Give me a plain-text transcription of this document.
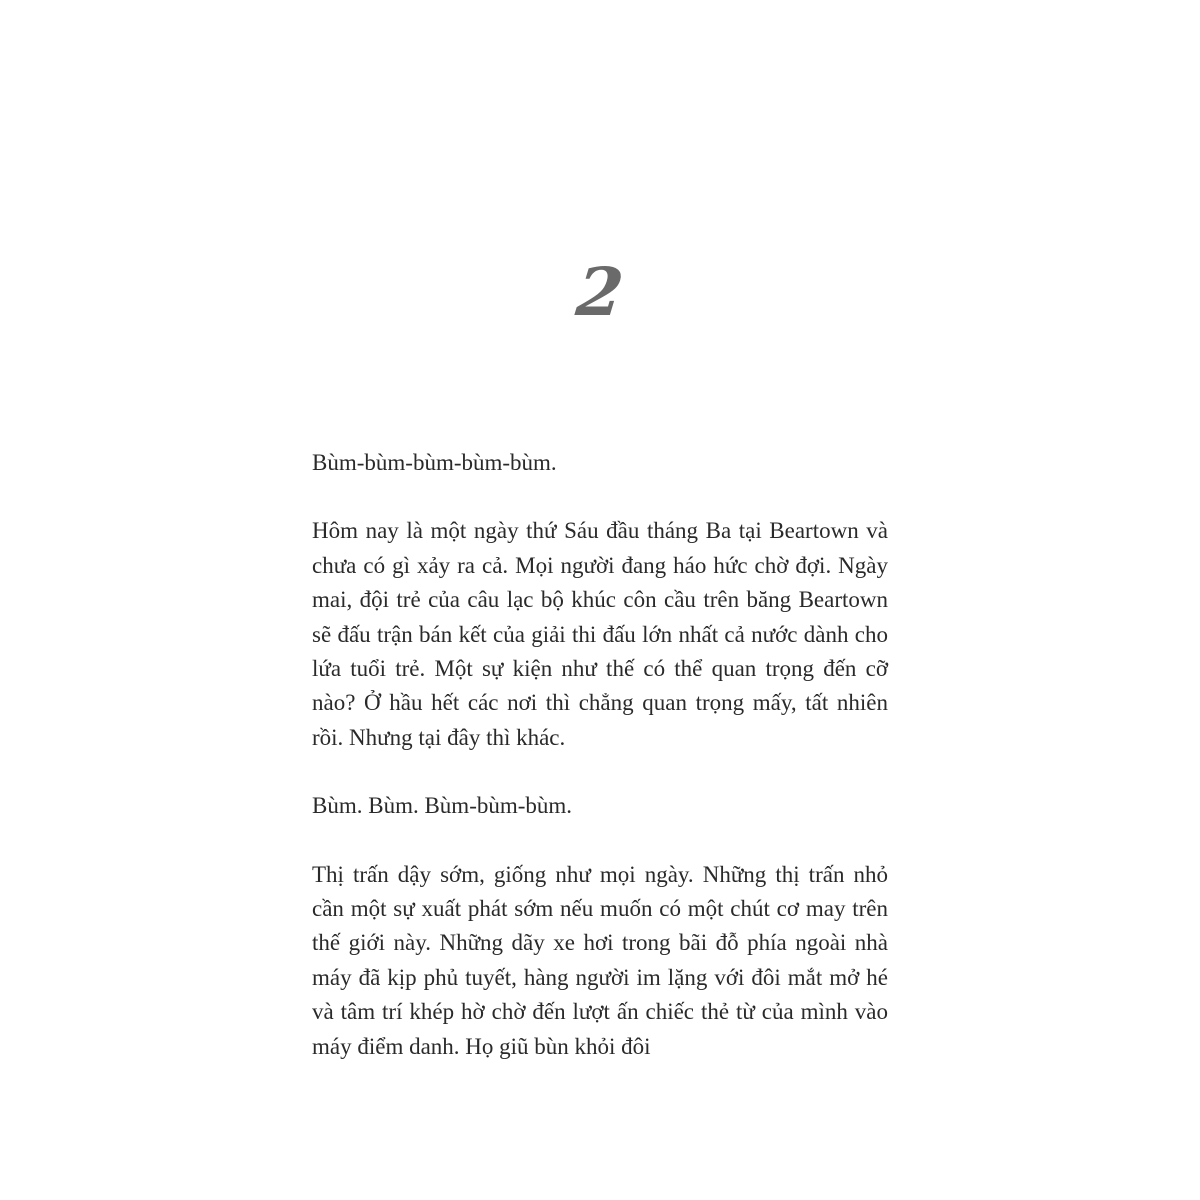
2

Bùm-bùm-bùm-bùm-bùm.

Hôm nay là một ngày thứ Sáu đầu tháng Ba tại Beartown và chưa có gì xảy ra cả. Mọi người đang háo hức chờ đợi. Ngày mai, đội trẻ của câu lạc bộ khúc côn cầu trên băng Beartown sẽ đấu trận bán kết của giải thi đấu lớn nhất cả nước dành cho lứa tuổi trẻ. Một sự kiện như thế có thể quan trọng đến cỡ nào? Ở hầu hết các nơi thì chẳng quan trọng mấy, tất nhiên rồi. Nhưng tại đây thì khác.

Bùm. Bùm. Bùm-bùm-bùm.

Thị trấn dậy sớm, giống như mọi ngày. Những thị trấn nhỏ cần một sự xuất phát sớm nếu muốn có một chút cơ may trên thế giới này. Những dãy xe hơi trong bãi đỗ phía ngoài nhà máy đã kịp phủ tuyết, hàng người im lặng với đôi mắt mở hé và tâm trí khép hờ chờ đến lượt ấn chiếc thẻ từ của mình vào máy điểm danh. Họ giũ bùn khỏi đôi
